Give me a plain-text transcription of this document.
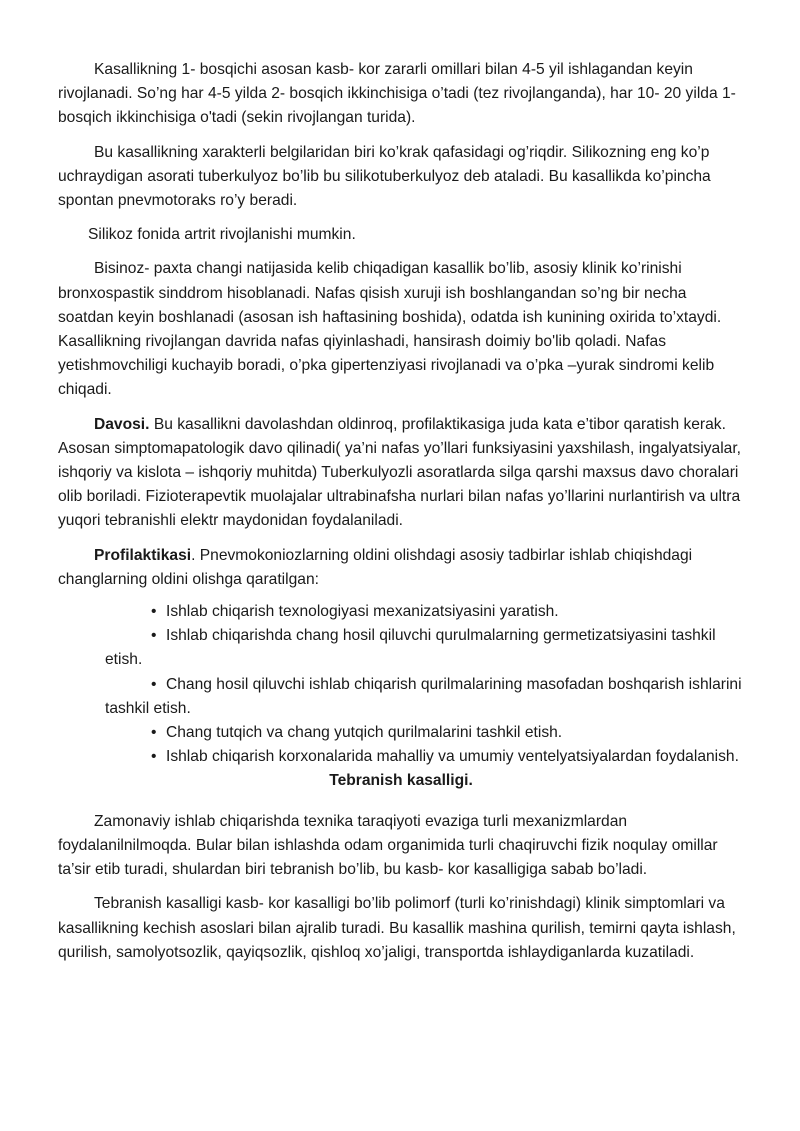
Kasallikning 1- bosqichi asosan kasb- kor zararli omillari bilan 4-5 yil ishlagandan keyin rivojlanadi. So’ng har 4-5 yilda 2- bosqich ikkinchisiga o’tadi (tez rivojlanganda), har 10- 20 yilda 1- bosqich ikkinchisiga o'tadi (sekin rivojlangan turida).

Bu kasallikning xarakterli belgilaridan biri ko’krak qafasidagi og’riqdir. Silikozning eng ko’p uchraydigan asorati tuberkulyoz bo’lib bu silikotuberkulyoz deb ataladi. Bu kasallikda ko’pincha spontan pnevmotoraks ro’y beradi.

Silikoz fonida artrit rivojlanishi mumkin.

Bisinoz- paxta changi natijasida kelib chiqadigan kasallik bo’lib, asosiy klinik ko’rinishi bronxospastik sinddrom hisoblanadi. Nafas qisish xuruji ish boshlangandan so’ng bir necha soatdan keyin boshlanadi (asosan ish haftasining boshida), odatda ish kunining oxirida to’xtaydi. Kasallikning rivojlangan davrida nafas qiyinlashadi, hansirash doimiy bo'lib qoladi. Nafas yetishmovchiligi kuchayib boradi, o’pka gipertenziyasi rivojlanadi va o’pka –yurak sindromi kelib chiqadi.

Davosi. Bu kasallikni davolashdan oldinroq, profilaktikasiga juda kata e’tibor qaratish kerak. Asosan simptomapatologik davo qilinadi( ya’ni nafas yo’llari funksiyasini yaxshilash, ingalyatsiyalar, ishqoriy va kislota – ishqoriy muhitda) Tuberkulyozli asoratlarda silga qarshi maxsus davo choralari olib boriladi. Fizioterapevtik muolajalar ultrabinafsha nurlari bilan nafas yo’llarini nurlantirish va ultra yuqori tebranishli elektr maydonidan foydalaniladi.

Profilaktikasi. Pnevmokoniozlarning oldini olishdagi asosiy tadbirlar ishlab chiqishdagi changlarning oldini olishga qaratilgan:

• Ishlab chiqarish texnologiyasi mexanizatsiyasini yaratish.
• Ishlab chiqarishda chang hosil qiluvchi qurulmalarning germetizatsiyasini tashkil etish.
• Chang hosil qiluvchi ishlab chiqarish qurilmalarining masofadan boshqarish ishlarini tashkil etish.
• Chang tutqich va chang yutqich qurilmalarini tashkil etish.
• Ishlab chiqarish korxonalarida mahalliy va umumiy ventelyatsiyalardan foydalanish.

Tebranish kasalligi.

Zamonaviy ishlab chiqarishda texnika taraqiyoti evaziga turli mexanizmlardan foydalanilnilmoqda. Bular bilan ishlashda odam organimida turli chaqiruvchi fizik noqulay omillar ta’sir etib turadi, shulardan biri tebranish bo’lib, bu kasb- kor kasalligiga sabab bo’ladi.

Tebranish kasalligi kasb- kor kasalligi bo’lib polimorf (turli ko’rinishdagi) klinik simptomlari va kasallikning kechish asoslari bilan ajralib turadi. Bu kasallik mashina qurilish, temirni qayta ishlash, qurilish, samolyotsozlik, qayiqsozlik, qishloq xo’jaligi, transportda ishlaydiganlarda kuzatiladi.
